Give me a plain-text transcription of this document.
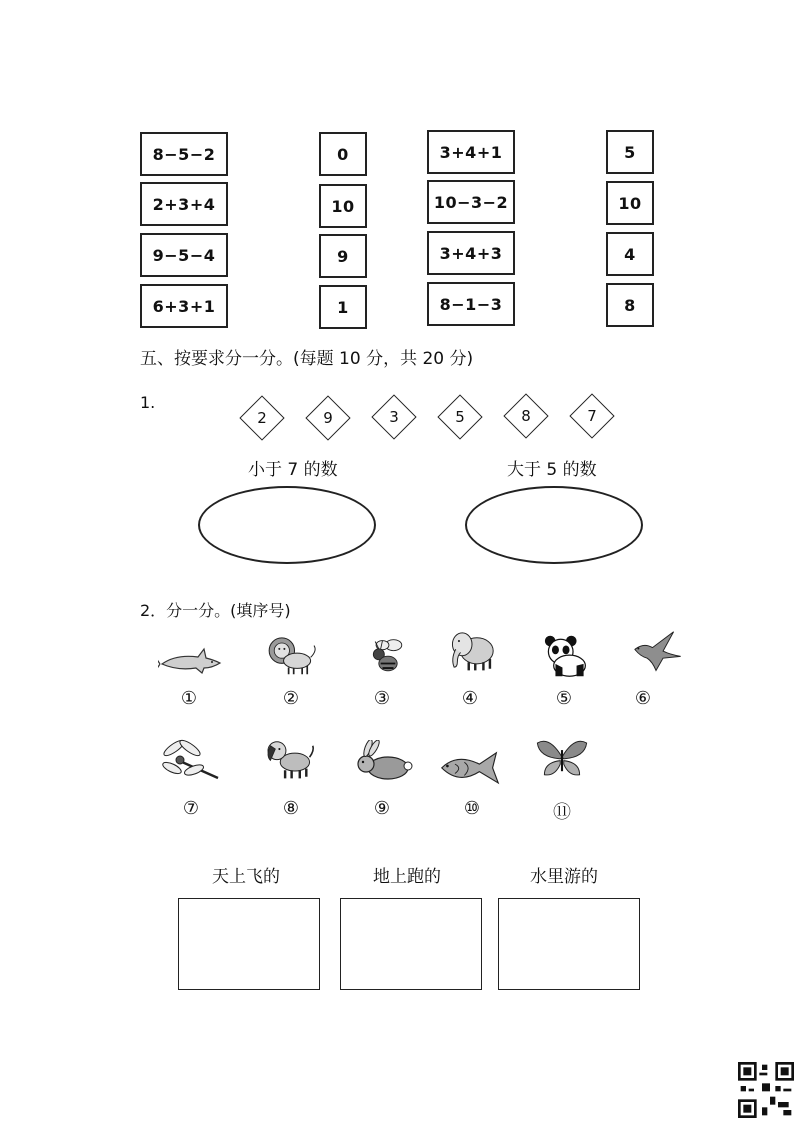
8−5−2
2+3+4
9−5−4
6+3+1
0
10
9
1
3+4+1
10−3−2
3+4+3
8−1−3
5
10
4
8
五、按要求分一分。(每题 10 分，共 20 分)
1.
2	9	3	5	8	7
小于 7 的数	大于 5 的数
2．分一分。(填序号)
①	②	③	④	⑤	⑥
⑦	⑧	⑨	⑩	⑪
天上飞的	地上跑的	水里游的
